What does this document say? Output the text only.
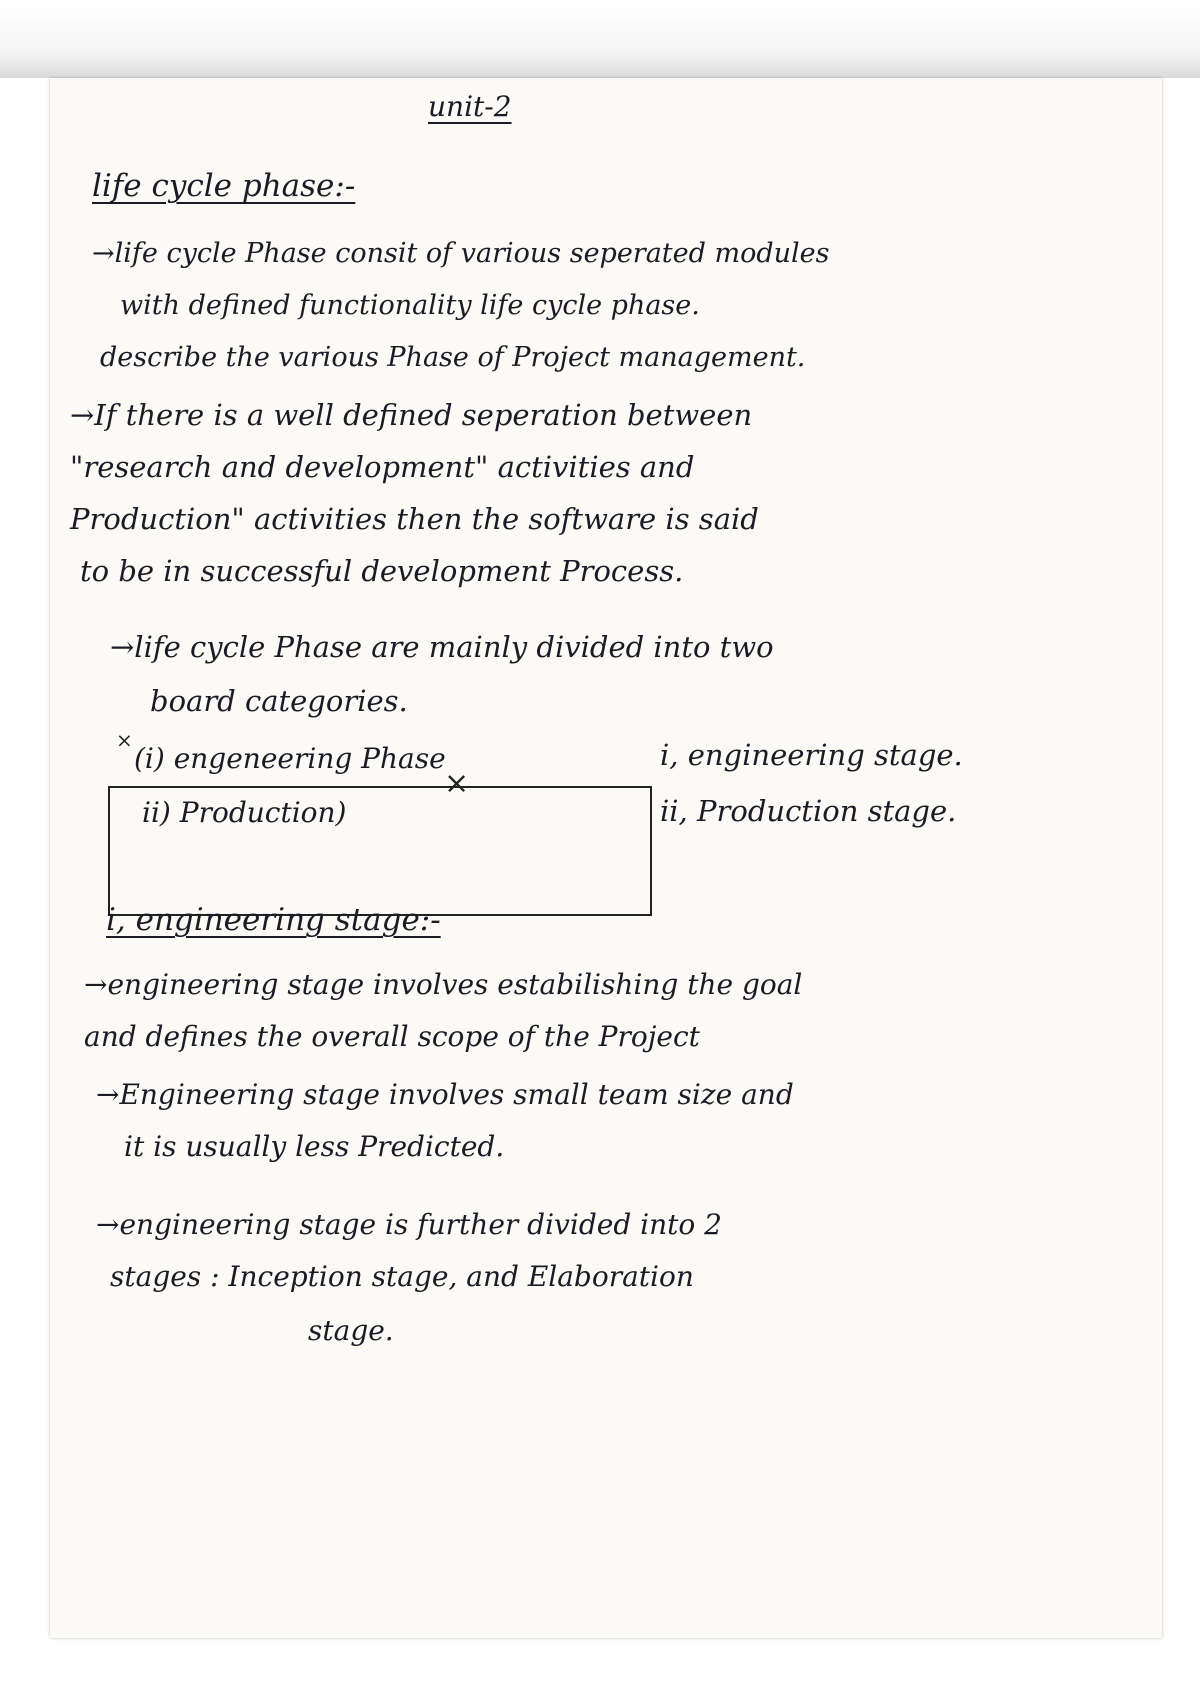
unit-2
life cycle phase:-
→life cycle Phase consit of various seperated modules
with defined functionality life cycle phase.
describe the various Phase of Project management.
→If there is a well defined seperation between
"research and development" activities and
Production" activities then the software is said
to be in successful development Process.
→life cycle Phase are mainly divided into two
board categories.
(i) engeneering Phase
ii) Production)
×
×
i, engineering stage.
ii, Production stage.
i, engineering stage:-
→engineering stage involves estabilishing the goal
and defines the overall scope of the Project
→Engineering stage involves small team size and
it is usually less Predicted.
→engineering stage is further divided into 2
stages : Inception stage, and Elaboration
stage.
